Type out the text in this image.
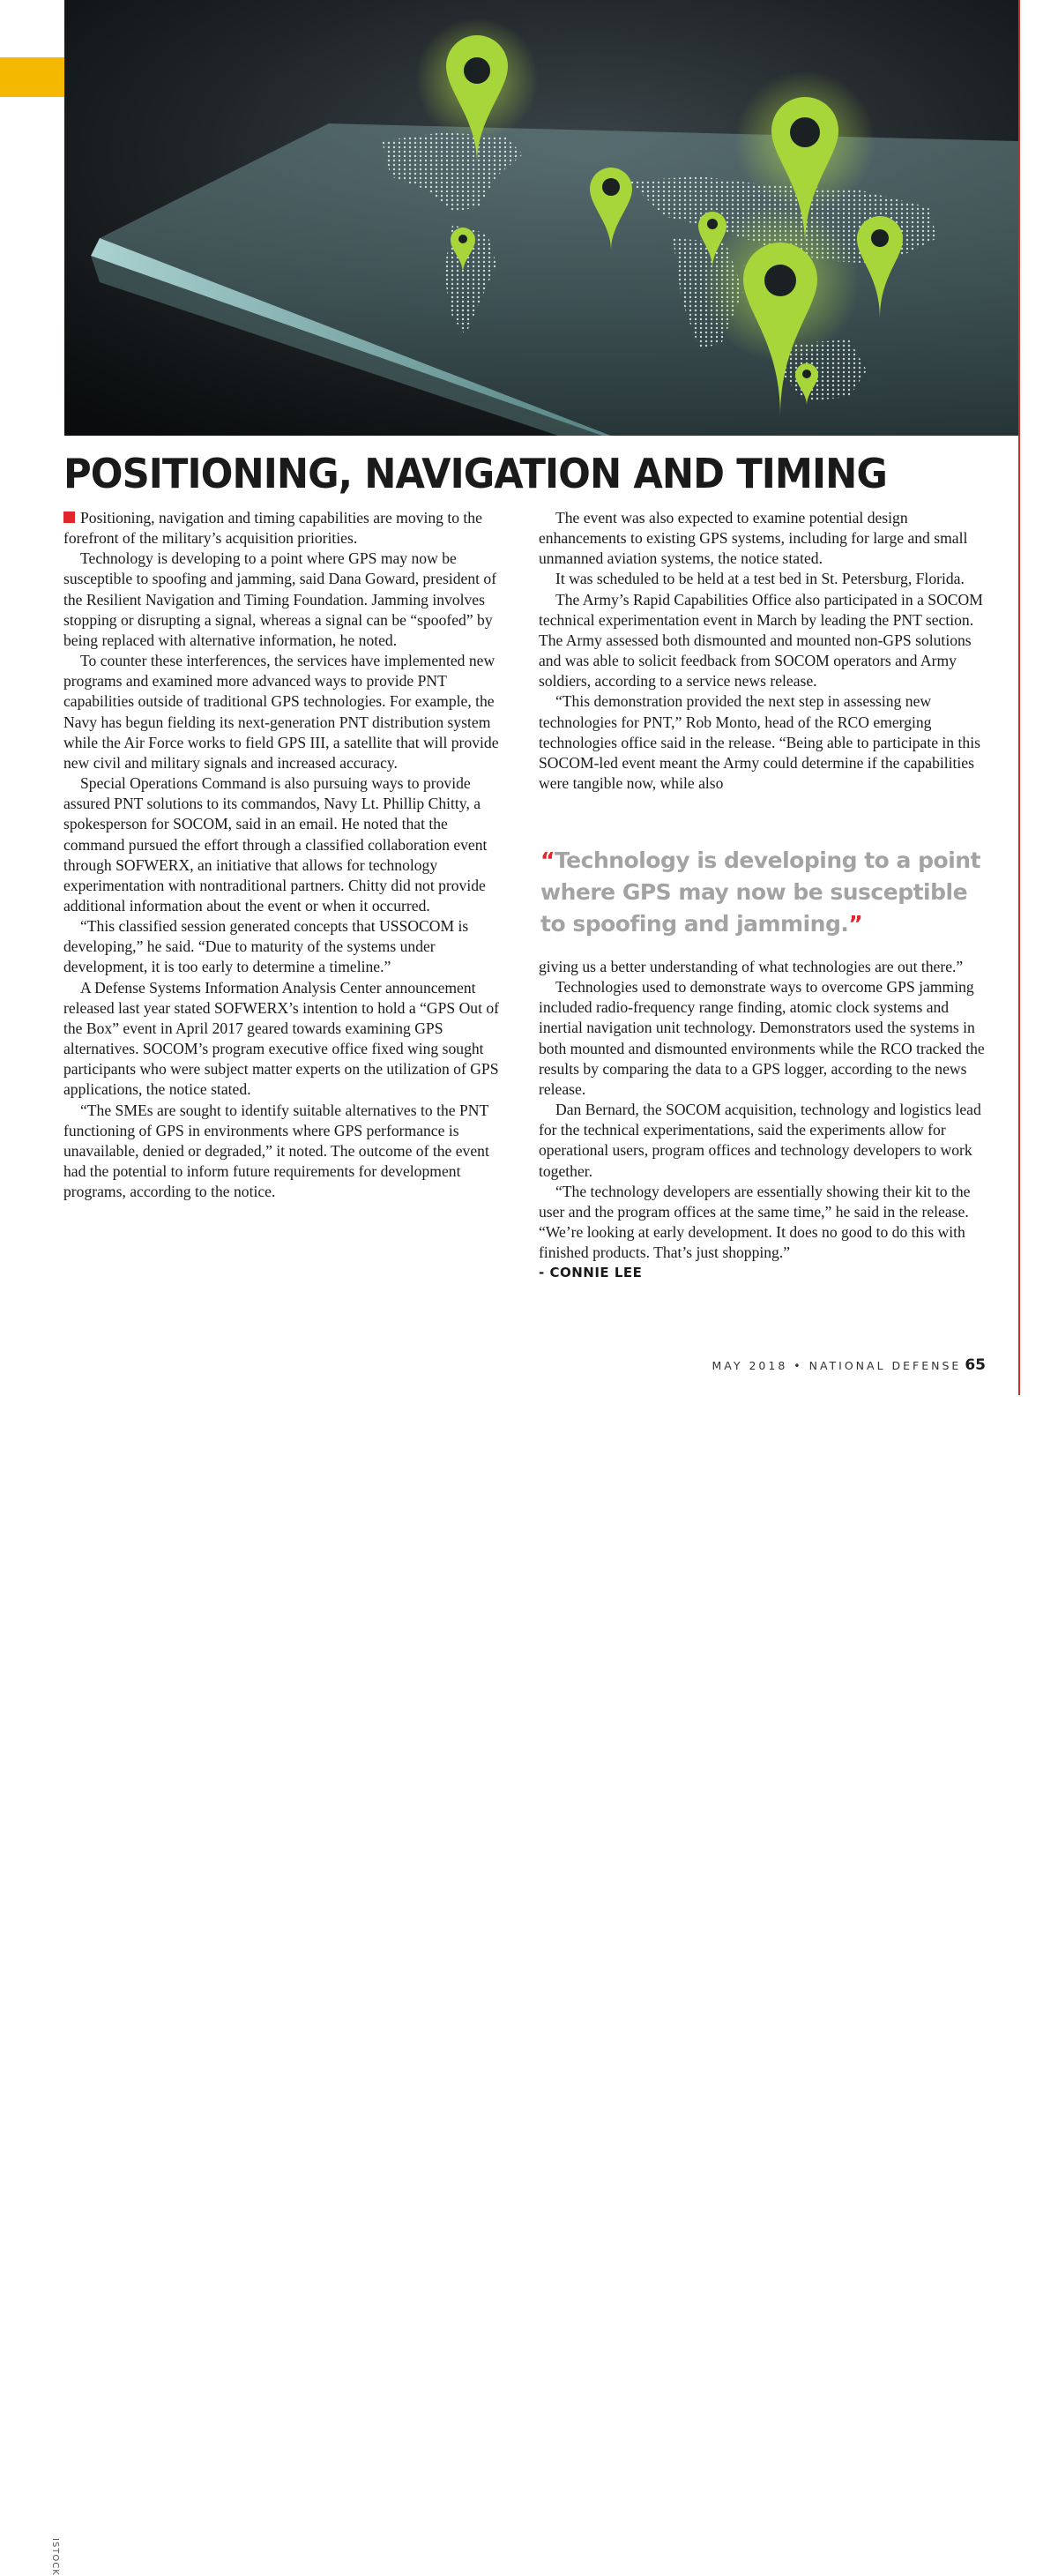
POSITIONING, NAVIGATION AND TIMING

Positioning, navigation and timing capabilities are moving to the forefront of the military’s acquisition priorities.

Technology is developing to a point where GPS may now be susceptible to spoofing and jamming, said Dana Goward, president of the Resilient Navigation and Timing Foundation. Jamming involves stopping or disrupting a signal, whereas a signal can be “spoofed” by being replaced with alternative information, he noted.

To counter these interferences, the services have implemented new programs and examined more advanced ways to provide PNT capabilities outside of traditional GPS technologies. For example, the Navy has begun fielding its next-generation PNT distribution system while the Air Force works to field GPS III, a satellite that will provide new civil and military signals and increased accuracy.

Special Operations Command is also pursuing ways to provide assured PNT solutions to its commandos, Navy Lt. Phillip Chitty, a spokesperson for SOCOM, said in an email. He noted that the command pursued the effort through a classified collaboration event through SOFWERX, an initiative that allows for technology experimentation with nontraditional partners. Chitty did not provide additional information about the event or when it occurred.

“This classified session generated concepts that USSOCOM is developing,” he said. “Due to maturity of the systems under development, it is too early to determine a timeline.”

A Defense Systems Information Analysis Center announcement released last year stated SOFWERX’s intention to hold a “GPS Out of the Box” event in April 2017 geared towards examining GPS alternatives. SOCOM’s program executive office fixed wing sought participants who were subject matter experts on the utilization of GPS applications, the notice stated.

“The SMEs are sought to identify suitable alternatives to the PNT functioning of GPS in environments where GPS performance is unavailable, denied or degraded,” it noted. The outcome of the event had the potential to inform future requirements for development programs, according to the notice.

The event was also expected to examine potential design enhancements to existing GPS systems, including for large and small unmanned aviation systems, the notice stated.

It was scheduled to be held at a test bed in St. Petersburg, Florida.

The Army’s Rapid Capabilities Office also participated in a SOCOM technical experimentation event in March by leading the PNT section. The Army assessed both dismounted and mounted non-GPS solutions and was able to solicit feedback from SOCOM operators and Army soldiers, according to a service news release.

“This demonstration provided the next step in assessing new technologies for PNT,” Rob Monto, head of the RCO emerging technologies office said in the release. “Being able to participate in this SOCOM-led event meant the Army could determine if the capabilities were tangible now, while also

“Technology is developing to a point where GPS may now be susceptible to spoofing and jamming.”

giving us a better understanding of what technologies are out there.”

Technologies used to demonstrate ways to overcome GPS jamming included radio-frequency range finding, atomic clock systems and inertial navigation unit technology. Demonstrators used the systems in both mounted and dismounted environments while the RCO tracked the results by comparing the data to a GPS logger, according to the news release.

Dan Bernard, the SOCOM acquisition, technology and logistics lead for the technical experimentations, said the experiments allow for operational users, program offices and technology developers to work together.

“The technology developers are essentially showing their kit to the user and the program offices at the same time,” he said in the release. “We’re looking at early development. It does no good to do this with finished products. That’s just shopping.”

- CONNIE LEE

ISTOCK
MAY 2018 • NATIONAL DEFENSE 65
